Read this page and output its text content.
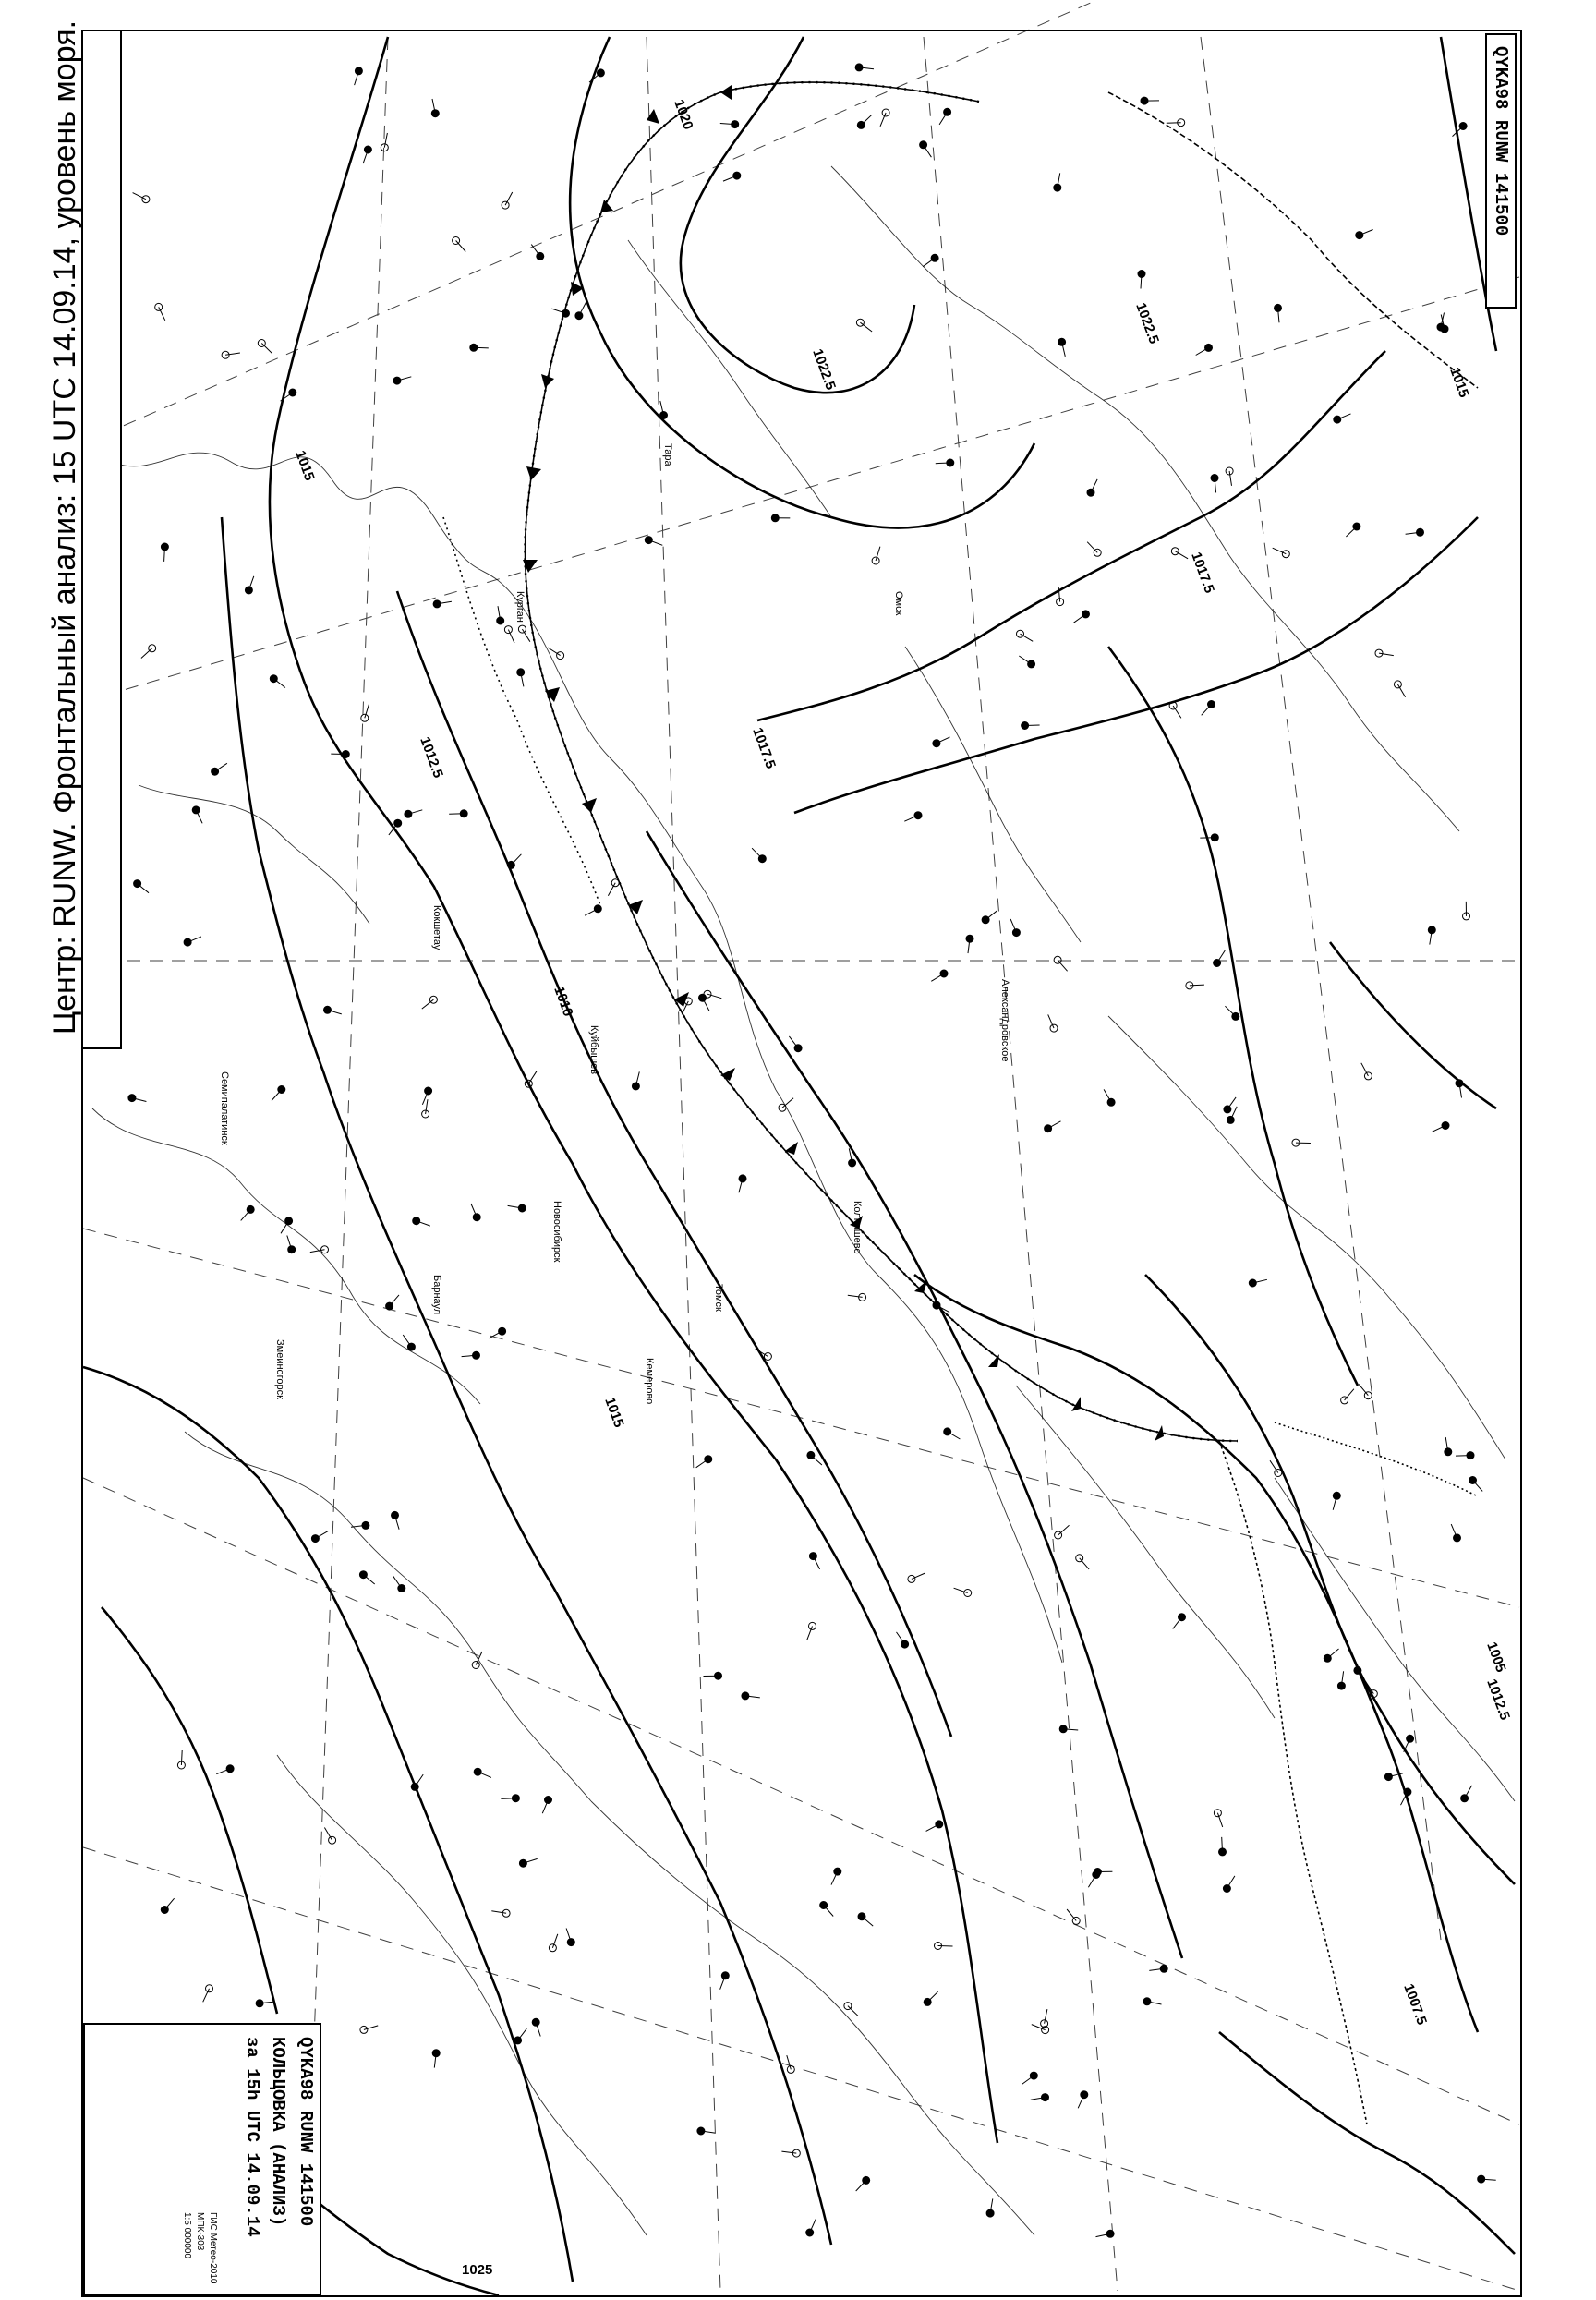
1022.5
1015
1017.5
1017.5
1015
1012.5
1010
1015
1007.5
1022.5
1025
1020
1005
1012.5
Омск
Барнаул
Новосибирск
Томск
Кемерово
Александровское
Колпашево
Тара
Курган
Кокшетау
Семипалатинск
Змеиногорск
Куйбышев
Центр: RUNW. Фронтальный анализ: 15 UTC 14.09.14, уровень моря.	QYKA98 RUNW 141500
QYKA98 RUNW 141500
КОЛЬЦОВКА (АНАЛИЗ)
за 15h UTC 14.09.14
ГИС Метео-2010
МПК-303
1:5 000000
